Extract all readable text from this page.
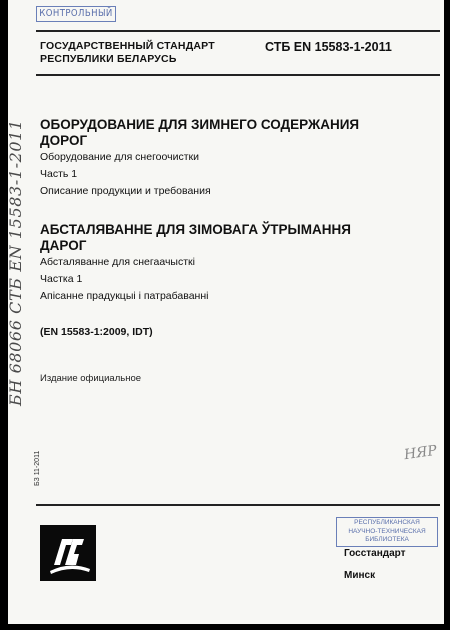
КОНТРОЛЬНЫЙ
БН 68066 СТБ EN 15583-1-2011
ГОСУДАРСТВЕННЫЙ СТАНДАРТ
РЕСПУБЛИКИ БЕЛАРУСЬ
СТБ EN 15583-1-2011
ОБОРУДОВАНИЕ ДЛЯ ЗИМНЕГО СОДЕРЖАНИЯ
ДОРОГ
Оборудование для снегоочистки
Часть 1
Описание продукции и требования
АБСТАЛЯВАННЕ ДЛЯ ЗІМОВАГА ЎТРЫМАННЯ
ДАРОГ
Абсталяванне для снегаачысткі
Частка 1
Апісанне прадукцыі і патрабаванні
(EN 15583-1:2009, IDT)
Издание официальное
БЗ 11-2011	НЯР
РЕСПУБЛИКАНСКАЯ
НАУЧНО-ТЕХНИЧЕСКАЯ
БИБЛИОТЕКА
Госстандарт
Минск
